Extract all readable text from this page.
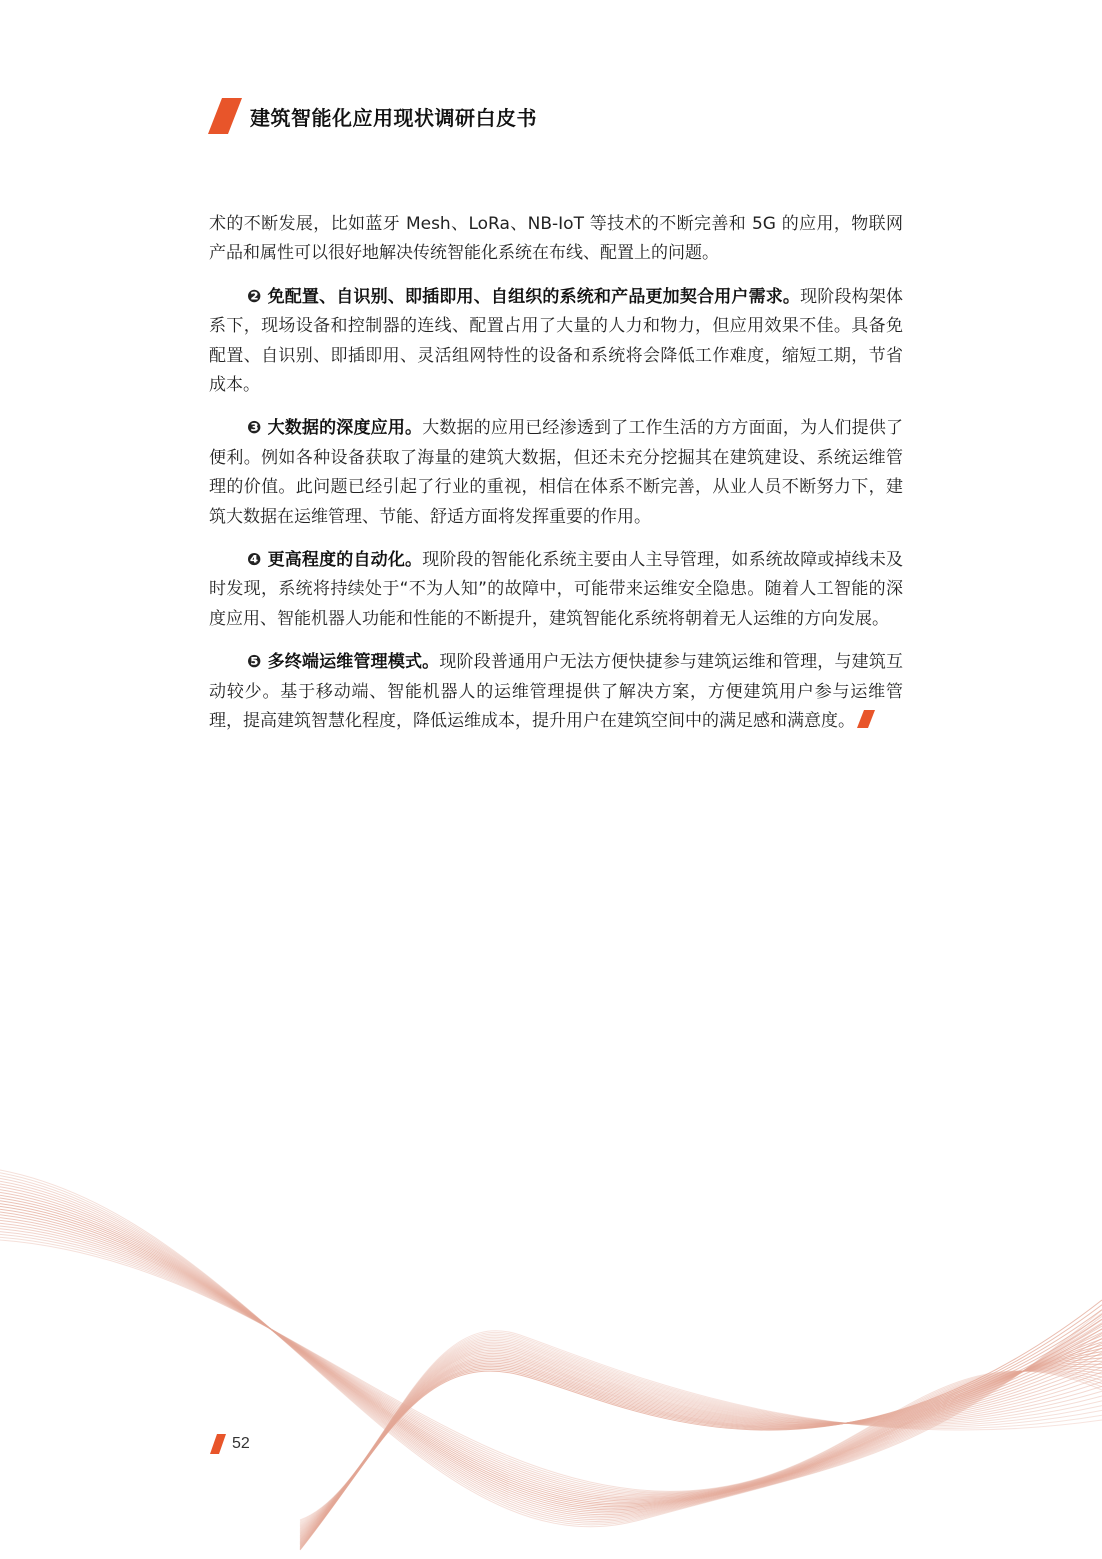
建筑智能化应用现状调研白皮书

术的不断发展，比如蓝牙 Mesh、LoRa、NB-IoT 等技术的不断完善和 5G 的应用，物联网产品和属性可以很好地解决传统智能化系统在布线、配置上的问题。

❷ 免配置、自识别、即插即用、自组织的系统和产品更加契合用户需求。现阶段构架体系下，现场设备和控制器的连线、配置占用了大量的人力和物力，但应用效果不佳。具备免配置、自识别、即插即用、灵活组网特性的设备和系统将会降低工作难度，缩短工期，节省成本。

❸ 大数据的深度应用。大数据的应用已经渗透到了工作生活的方方面面，为人们提供了便利。例如各种设备获取了海量的建筑大数据，但还未充分挖掘其在建筑建设、系统运维管理的价值。此问题已经引起了行业的重视，相信在体系不断完善，从业人员不断努力下，建筑大数据在运维管理、节能、舒适方面将发挥重要的作用。

❹ 更高程度的自动化。现阶段的智能化系统主要由人主导管理，如系统故障或掉线未及时发现，系统将持续处于“不为人知”的故障中，可能带来运维安全隐患。随着人工智能的深度应用、智能机器人功能和性能的不断提升，建筑智能化系统将朝着无人运维的方向发展。

❺ 多终端运维管理模式。现阶段普通用户无法方便快捷参与建筑运维和管理，与建筑互动较少。基于移动端、智能机器人的运维管理提供了解决方案，方便建筑用户参与运维管理，提高建筑智慧化程度，降低运维成本，提升用户在建筑空间中的满足感和满意度。

52
